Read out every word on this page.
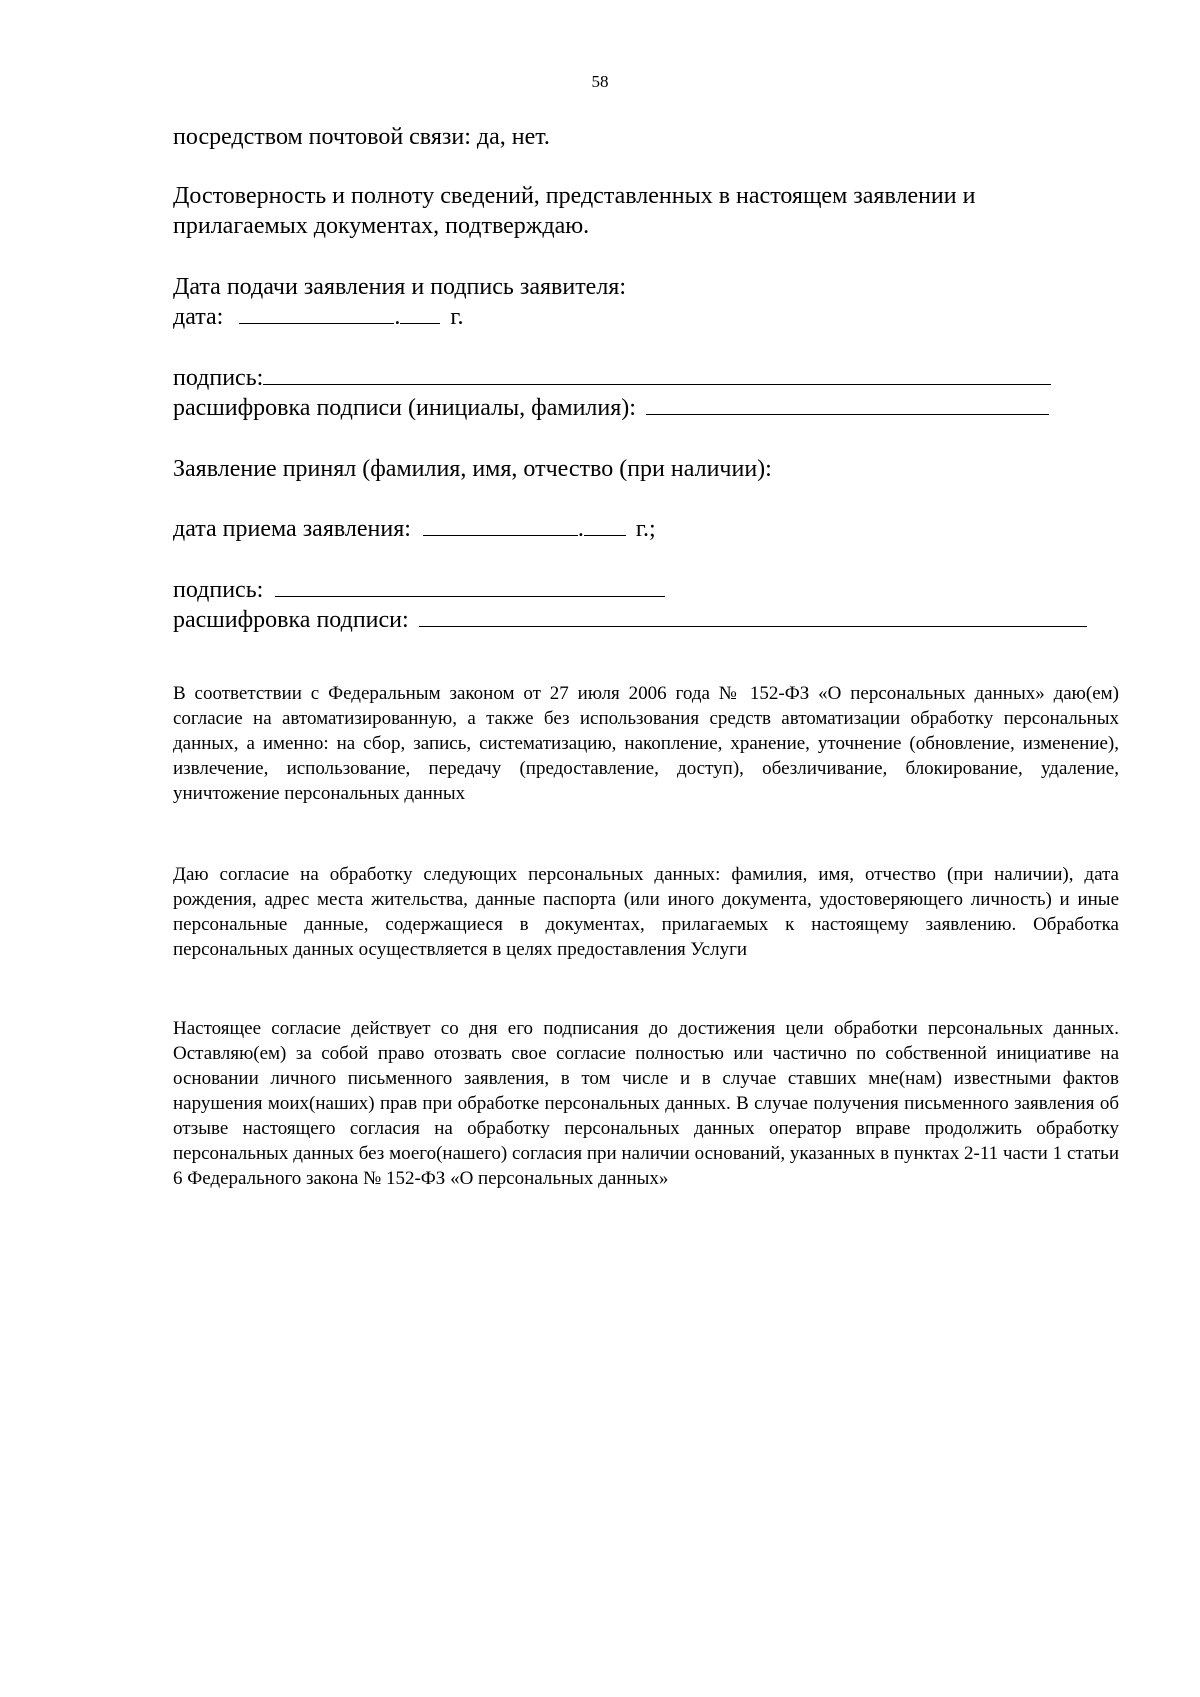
58
посредством почтовой связи: да, нет.
Достоверность и полноту сведений, представленных в настоящем заявлении и
прилагаемых документах, подтверждаю.
Дата подачи заявления и подпись заявителя:
дата:	. г.
подпись:
расшифровка подписи (инициалы, фамилия):
Заявление принял (фамилия, имя, отчество (при наличии):
дата приема заявления:	. г.;
подпись:
расшифровка подписи:
В соответствии с Федеральным законом от 27 июля 2006 года № 152-ФЗ «О персональных данных» даю(ем) согласие на автоматизированную, а также без использования средств автоматизации обработку персональных данных, а именно: на сбор, запись, систематизацию, накопление, хранение, уточнение (обновление, изменение), извлечение, использование, передачу (предоставление, доступ), обезличивание, блокирование, удаление, уничтожение персональных данных
Даю согласие на обработку следующих персональных данных: фамилия, имя, отчество (при наличии), дата рождения, адрес места жительства, данные паспорта (или иного документа, удостоверяющего личность) и иные персональные данные, содержащиеся в документах, прилагаемых к настоящему заявлению. Обработка персональных данных осуществляется в целях предоставления Услуги
Настоящее согласие действует со дня его подписания до достижения цели обработки персональных данных. Оставляю(ем) за собой право отозвать свое согласие полностью или частично по собственной инициативе на основании личного письменного заявления, в том числе и в случае ставших мне(нам) известными фактов нарушения моих(наших) прав при обработке персональных данных. В случае получения письменного заявления об отзыве настоящего согласия на обработку персональных данных оператор вправе продолжить обработку персональных данных без моего(нашего) согласия при наличии оснований, указанных в пунктах 2-11 части 1 статьи 6 Федерального закона № 152-ФЗ «О персональных данных»
